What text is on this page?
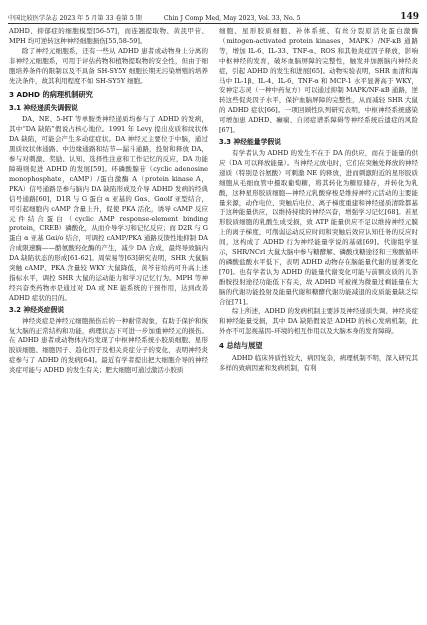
中国比较医学杂志 2023 年 5 月第 33 卷第 5 期	Chin J Comp Med, May 2023, Vol. 33, No. 5	149

ADHD、抑郁症的细胞模型[56-57]，而连翘提取物、黄芪甲苷、MPH 均可逆转这种神经细胞损伤[55,58-59]。

除了神经元细胞系，还有一些从 ADHD 患者或动物身上分离的非神经元细胞系，可用于评估药物和植物提取物的安全性，但由于细胞培养条件的限制以及不具备 SH-SY5Y 细胞长期无污染增殖的培养先决条件，故其利用程度不如 SH-SY5Y 细胞。

3 ADHD 的病理机制研究
3.1 神经递质失调假说

DA、NE、5-HT 等单胺类神经递质均参与了 ADHD 的发病，其中“DA 缺陷”假说占核心地位。1991 年 Levy 提出皮质和纹状体 DA 缺陷，可能会产生多动症症状。DA 神经元主要位于中脑，通过黑质纹状体通路、中边缘通路和结节—漏斗通路，投射和释放 DA，参与对刺激、奖励、认知、选择性注意和工作记忆的反应，DA 功能障碍则促进 ADHD 的发展[59]。环磷酸腺苷（cyclic adenosine monophosphate，cAMP）/蛋白激酶 A（protein kinase A，PKA）信号通路是参与脑内 DA 缺陷形成及介导 ADHD 发病的经典信号通路[60]，D1R 与 G 蛋白 α 亚基的 Gαs、Gαolf 亚型结合，可引起细胞内 cAMP 含量上升，促使 PKA 活化，诱导 cAMP 反应元件结合蛋白（cyclic AMP response-element binding protein，CREB）磷酸化，从而介导学习和记忆反应；而 D2R 与 G 蛋白 α 亚基 Gαi/o 结合，可调控 cAMP/PKA 通路反馈性地抑制 DA 合成限速酶——酪氨酸羟化酶的产生，减少 DA 合成，最终导致脑内 DA 缺陷状态的形成[61-62]。周荣易等[63]研究表明，SHR 大鼠脑突触 cAMP、PKA 含量较 WKY 大鼠降低，黄芩苷给药可升高上述指标水平，调控 SHR 大鼠的运动能力和学习记忆行为。MPH 等神经兴奋类药物亦是通过对 DA 或 NE 能系统的干预作用，达到改善 ADHD 症状的目的。

3.2 神经炎症假说

神经炎症是神经元细胞损伤后的一种耐常现象，有助于保护和恢复大脑的正常结构和功能，病理状态下可进一步加重神经元的损伤。在 ADHD 患者或动物体内均发现了中枢神经系统小胶质细胞、星形胶质细胞、细胞因子、趋化因子及相关炎症分子的变化，表明神经炎症参与了 ADHD 的发病[64]。最近有学者提出把大细胞介导的神经炎症可能与 ADHD 的发生有关；肥大细胞可通过激活小胶质

细胞、星形胶质细胞、补体系统、有丝分裂原活化蛋白激酶（mitogen-activated protein kinases，MAPK）/NF-κB 通路等，增加 IL-6、IL-33、TNF-α、ROS 和其他炎症因子释放，影响中枢神经的发育，破坏血脑屏障的完整性，触发并加剧脑内神经炎症，引起 ADHD 的发生和进展[65]。动物实验表明，SHR 血清和海马中 IL-1β、IL-4、IL-6、TNF-α 和 MCP-1 水平显著高于 WKY，安神定志灵（一种中药复方）可以通过抑制 MAPK/NF-κB 通路，逆转这些促炎因子水平，保护血脑屏障的完整性，从而减轻 SHR 大鼠的 ADHD 症状[66]。一项回顾性队列研究表明，中枢神经系统感染可增加患 ADHD、癫痫、自闭症谱系障碍等神经系统后遗症的风险[67]。

3.3 神经能量学假说

有学者认为 ADHD 的发生不在于 DA 的供应，而在于能量的供应（DA 可以释放能量）。当神经元放电时，它们在突触处释放的神经递质（特别是谷氨酸）可刺激 NE 的释放，进而刺激附近的星形胶质细胞从毛细血管中摄取葡萄糖，将其转化为糖原储存，并转化为乳酸，这种星形胶质细胞—神经元乳酸穿梭是维持神经元活动的主要能量来源，动作电位、突触后电位、离子梯度重建和神经递质清除都基于这种能量供应，以维持持续的神经兴奋，增强学习记忆[68]。若星形胶质细胞的乳酸生成受损，致 ATP 能量供应不足以维持神经元膜上的离子梯度，可削弱运动反应时间和突触后效应认知任务的反应时间，这构成了 ADHD 行为神经能量学说的基础[69]。代谢组学显示，SHR/NCrl 大鼠大脑中参与糖酵解、磷酸戊糖途径和三羧酸循环的磷酸盐酸水平低下，表明 ADHD 动物存在脑能量代谢的显著变化[70]。也有学者认为 ADHD 的能量代谢变化可能与前额皮质的儿茶酚胺投射途径功能低下有关，故 ADHD 可被视为微量过剩能量在大脑的代谢功能投射及能量代谢和糖酵代谢功能减退的皮质能量缺乏综合征[71]。

综上所述，ADHD 的发病机制主要涉及神经递质失调、神经炎症和神经能量受损，其中 DA 缺陷假说是 ADHD 的核心发病机制，此外亦不可忽视基因–环境的相互作用以及大脑本身的发育障碍。

4 总结与展望

ADHD 临床异质性较大，病因复杂，病理机制不明，深入研究其多样的致病因素和发病机制，有利
